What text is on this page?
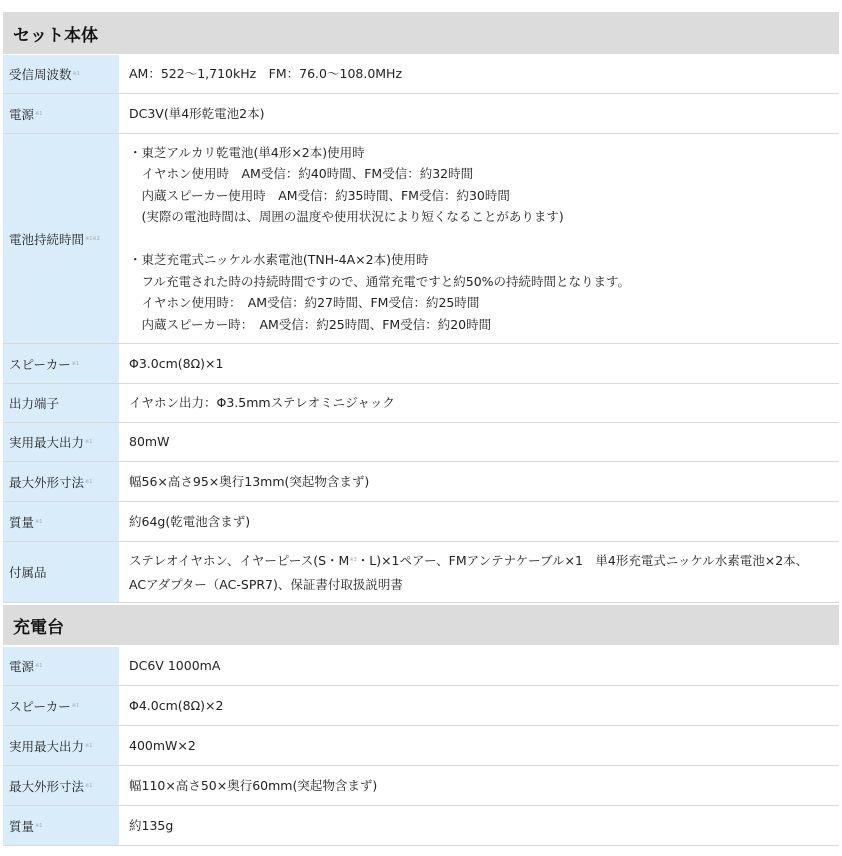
セット本体
受信周波数 ※1	AM：522～1,710kHz　FM：76.0～108.0MHz
電源 ※1	DC3V(単4形乾電池2本)
電池持続時間 ※1※2
・東芝アルカリ乾電池(単4形×2本)使用時
　イヤホン使用時　AM受信：約40時間、FM受信：約32時間
　内蔵スピーカー使用時　AM受信：約35時間、FM受信：約30時間
　(実際の電池時間は、周囲の温度や使用状況により短くなることがあります)
・東芝充電式ニッケル水素電池(TNH-4A×2本)使用時
　フル充電された時の持続時間ですので、通常充電ですと約50%の持続時間となります。
　イヤホン使用時：　AM受信：約27時間、FM受信：約25時間
　内蔵スピーカー時：　AM受信：約25時間、FM受信：約20時間
スピーカー ※1	Φ3.0cm(8Ω)×1
出力端子	イヤホン出力：Φ3.5mmステレオミニジャック
実用最大出力 ※1	80mW
最大外形寸法 ※1	幅56×高さ95×奥行13mm(突起物含まず)
質量 ※1	約64g(乾電池含まず)
付属品
ステレオイヤホン、イヤーピース(S・$M^{※3}$・L)×1ペアー、FMアンテナケーブル×1　単4形充電式ニッケル水素電池×2本、
ACアダプター（AC-SPR7)、保証書付取扱説明書
充電台
電源 ※1	DC6V 1000mA
スピーカー ※1	Φ4.0cm(8Ω)×2
実用最大出力 ※1	400mW×2
最大外形寸法 ※1	幅110×高さ50×奥行60mm(突起物含まず)
質量 ※1	約135g
